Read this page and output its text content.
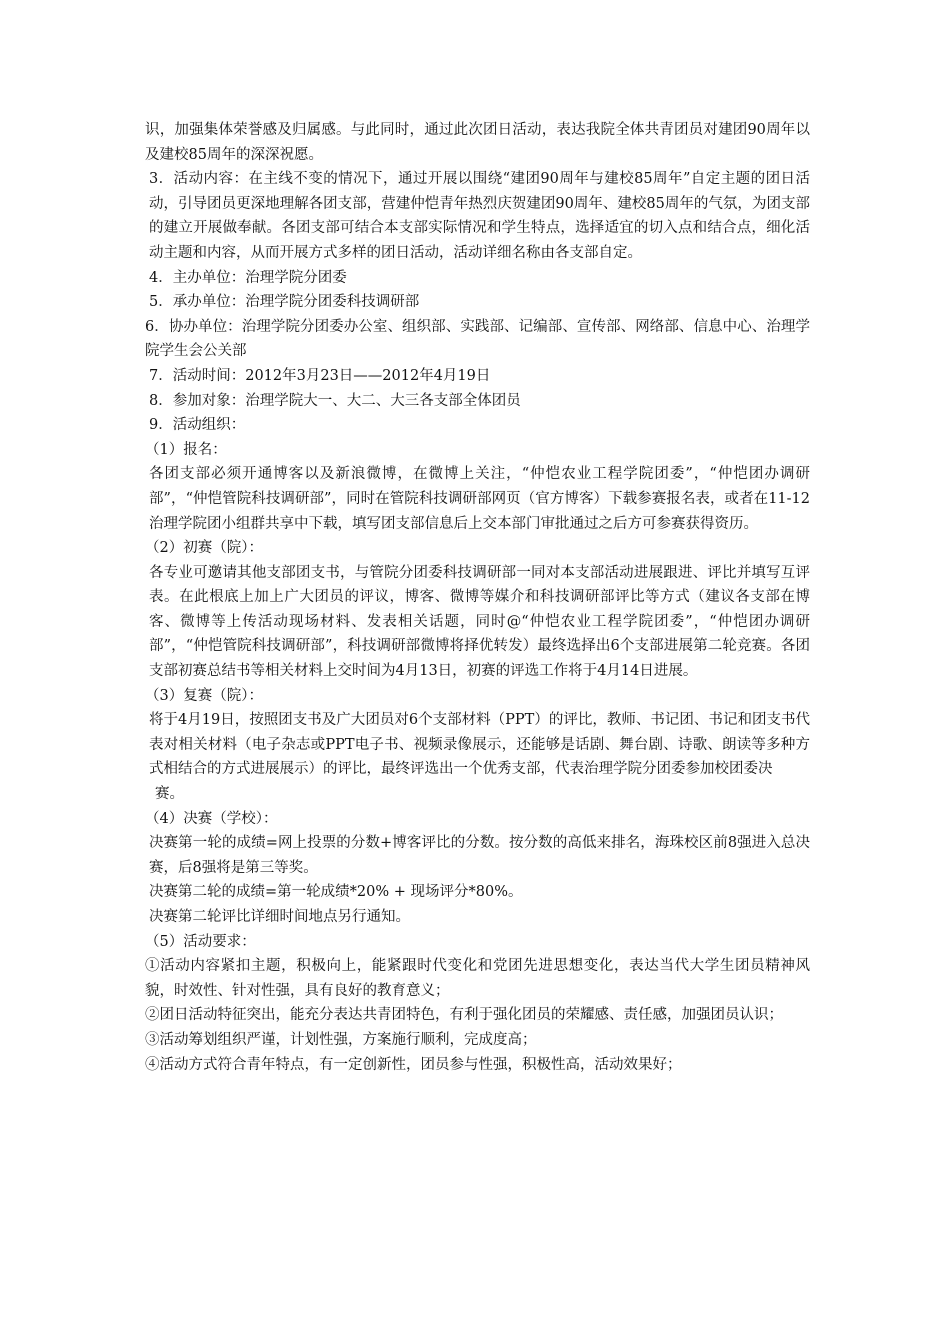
识，加强集体荣誉感及归属感。与此同时，通过此次团日活动，表达我院全体共青团员对建团90周年以及建校85周年的深深祝愿。

3．活动内容：在主线不变的情况下，通过开展以围绕“建团90周年与建校85周年”自定主题的团日活动，引导团员更深地理解各团支部，营建仲恺青年热烈庆贺建团90周年、建校85周年的气氛，为团支部的建立开展做奉献。各团支部可结合本支部实际情况和学生特点，选择适宜的切入点和结合点，细化活动主题和内容，从而开展方式多样的团日活动，活动详细名称由各支部自定。

4．主办单位：治理学院分团委

5．承办单位：治理学院分团委科技调研部

6．协办单位：治理学院分团委办公室、组织部、实践部、记编部、宣传部、网络部、信息中心、治理学院学生会公关部

7．活动时间：2012年3月23日——2012年4月19日

8．参加对象：治理学院大一、大二、大三各支部全体团员

9．活动组织：

（1）报名：

各团支部必须开通博客以及新浪微博，在微博上关注，“仲恺农业工程学院团委”，“仲恺团办调研部”，“仲恺管院科技调研部”，同时在管院科技调研部网页（官方博客）下载参赛报名表，或者在11-12治理学院团小组群共享中下载，填写团支部信息后上交本部门审批通过之后方可参赛获得资历。

（2）初赛（院）：

各专业可邀请其他支部团支书，与管院分团委科技调研部一同对本支部活动进展跟进、评比并填写互评表。在此根底上加上广大团员的评议，博客、微博等媒介和科技调研部评比等方式（建议各支部在博客、微博等上传活动现场材料、发表相关话题，同时@“仲恺农业工程学院团委”，“仲恺团办调研部”，“仲恺管院科技调研部”，科技调研部微博将择优转发）最终选择出6个支部进展第二轮竞赛。各团支部初赛总结书等相关材料上交时间为4月13日，初赛的评选工作将于4月14日进展。

（3）复赛（院）：

将于4月19日，按照团支书及广大团员对6个支部材料（PPT）的评比，教师、书记团、书记和团支书代表对相关材料（电子杂志或PPT电子书、视频录像展示，还能够是话剧、舞台剧、诗歌、朗读等多种方式相结合的方式进展展示）的评比，最终评选出一个优秀支部，代表治理学院分团委参加校团委决

赛。

（4）决赛（学校）：

决赛第一轮的成绩=网上投票的分数+博客评比的分数。按分数的高低来排名，海珠校区前8强进入总决赛，后8强将是第三等奖。

决赛第二轮的成绩=第一轮成绩*20% + 现场评分*80%。

决赛第二轮评比详细时间地点另行通知。

（5）活动要求：

①活动内容紧扣主题，积极向上，能紧跟时代变化和党团先进思想变化，表达当代大学生团员精神风貌，时效性、针对性强，具有良好的教育意义；

②团日活动特征突出，能充分表达共青团特色，有利于强化团员的荣耀感、责任感，加强团员认识；

③活动筹划组织严谨，计划性强，方案施行顺利，完成度高；

④活动方式符合青年特点，有一定创新性，团员参与性强，积极性高，活动效果好；
